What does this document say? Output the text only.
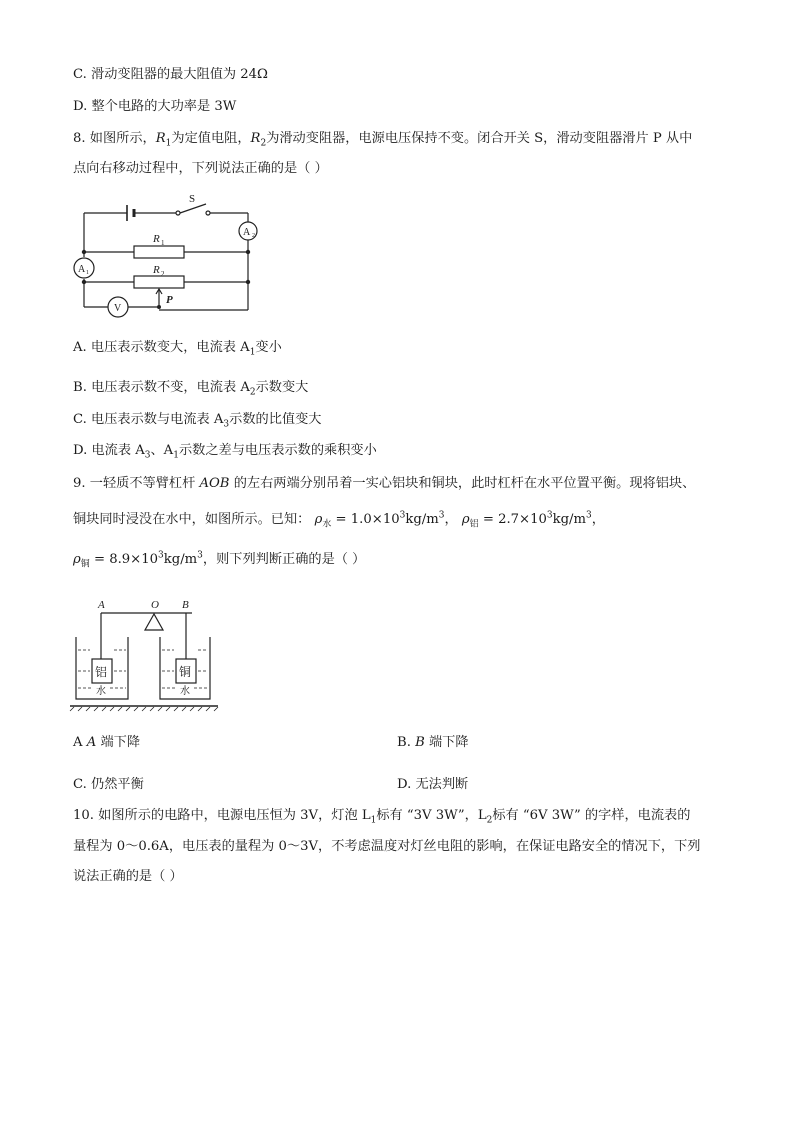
C. 滑动变阻器的最大阻值为 24Ω
D. 整个电路的大功率是 3W
8. 如图所示，$R_1$为定值电阻，$R_2$为滑动变阻器，电源电压保持不变。闭合开关 S，滑动变阻器滑片 P 从中
点向右移动过程中，下列说法正确的是（ ）
S
R 1
R 2
A 2
A 1
V
P
A. 电压表示数变大，电流表 $A_1$变小
B. 电压表示数不变，电流表 $A_2$示数变大
C. 电压表示数与电流表 $A_3$示数的比值变大
D. 电流表 $A_3$、$A_1$示数之差与电压表示数的乘积变小
9. 一轻质不等臂杠杆 AOB 的左右两端分别吊着一实心铝块和铜块，此时杠杆在水平位置平衡。现将铝块、
铜块同时浸没在水中，如图所示。已知： $\rho_水 = 1.0\times 10^3kg/m^3$， $\rho_铝 = 2.7\times 10^3kg/m^3$，
$\rho_铜 = 8.9\times 10^3kg/m^3$，则下列判断正确的是（ ）
A	O B
铝	铜
水	水
A A 端下降	B. B 端下降
C. 仍然平衡	D. 无法判断
10. 如图所示的电路中，电源电压恒为 3V，灯泡 $L_1$标有 “3V 3W”，$L_2$标有 “6V 3W” 的字样，电流表的
量程为 0～0.6A，电压表的量程为 0～3V，不考虑温度对灯丝电阻的影响，在保证电路安全的情况下，下列
说法正确的是（ ）
